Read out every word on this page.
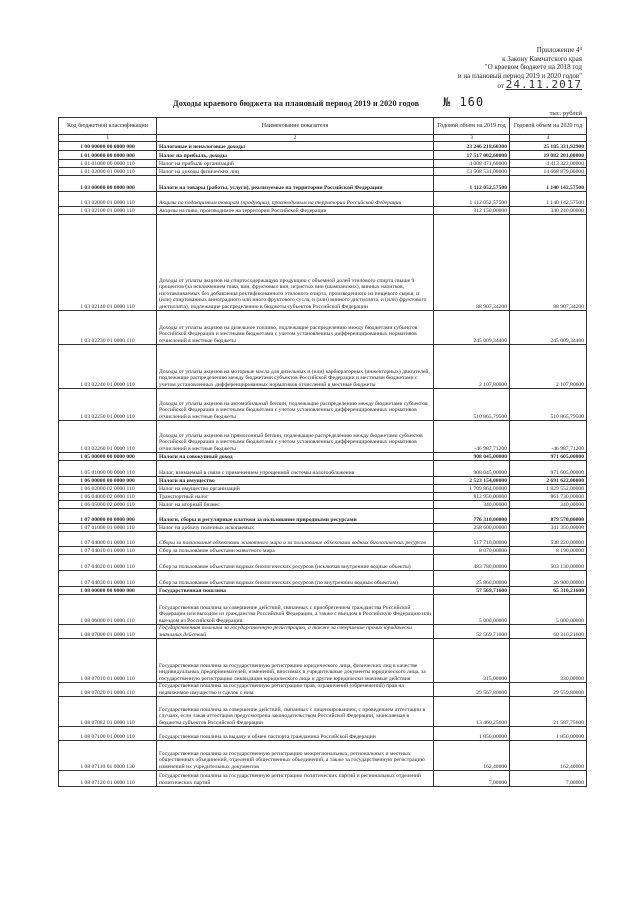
Приложение 4⁴
к Закону Камчатского края
"О краевом бюджете на 2018 год
и на плановый период 2019 и 2020 годов"
от 24.11.2017
Доходы краевого бюджета на плановый период 2019 и 2020 годов № 160
тыс. рублей
Код бюджетной классификации	Наименование показателя	Годовой объем на 2019 год	Годовой объем на 2020 год
1	2	3	4
1 00 00000 00 0000 000	Налоговые и неналоговые доходы	23 246 218,60300	25 185 331,92900
1 01 00000 00 0000 000	Налог на прибыль, доходы	17 517 002,60000	19 082 201,00000
1 01 01000 00 0000 110	Налог на прибыль организаций	4 008 471,60000	4 413 322,00000
1 01 02000 01 0000 110	Налог на доходы физических лиц	13 508 531,00000	14 668 879,00000
1 03 00000 00 0000 000	Налоги на товары (работы, услуги), реализуемые на территории Российской Федерации	1 112 052,57500	1 140 142,57500
1 03 02000 01 0000 110	Акцизы по подакцизным товарам (продукции), производимым на территории Российской Федерации	1 112 052,57500	1 140 142,57500
1 03 02100 01 0000 110	Акцизы на пиво, производимое на территории Российской Федерации	312 150,00000	340 240,00000
1 03 02140 01 0000 110	Доходы от уплаты акцизов на спиртосодержащую продукцию с объемной долей этилового спирта свыше 9 процентов (за исключением пива, вин, фруктовых вин, игристых вин (шампанских), винных напитков, изготавливаемых без добавления ректификованного этилового спирта, произведенного из пищевого сырья, и (или) спиртованных виноградного или иного фруктового сусла, и (или) винного дистиллята, и (или) фруктового дистиллята), подлежащие распределению в бюджеты субъектов Российской Федерации	88 907,34200	88 907,34200
1 03 02230 01 0000 110	Доходы от уплаты акцизов на дизельное топливо, подлежащие распределению между бюджетами субъектов Российской Федерации и местными бюджетами с учетом установленных дифференцированных нормативов отчислений в местные бюджеты	245 009,34400	245 009,34400
1 03 02240 01 0000 110	Доходы от уплаты акцизов на моторные масла для дизельных и (или) карбюраторных (инжекторных) двигателей, подлежащие распределению между бюджетами субъектов Российской Федерации и местными бюджетами с учетом установленных дифференцированных нормативов отчислений в местные бюджеты	2 107,80600	2 107,80600
1 03 02250 01 0000 110	Доходы от уплаты акцизов на автомобильный бензин, подлежащие распределению между бюджетами субъектов Российской Федерации и местными бюджетами с учетом установленных дифференцированных нормативов отчислений в местные бюджеты	510 865,79500	510 865,79500
1 03 02260 01 0000 110	Доходы от уплаты акцизов на прямогонный бензин, подлежащие распределению между бюджетами субъектов Российской Федерации и местными бюджетами с учетом установленных дифференцированных нормативов отчислений в местные бюджеты	-46 987,71200	-46 987,71200
1 05 00000 00 0000 000	Налоги на совокупный доход	908 045,00000	971 605,00000
1 05 01000 00 0000 110	Налог, взимаемый в связи с применением упрощенной системы налогообложения	908 045,00000	971 605,00000
1 06 00000 00 0000 000	Налоги на имущество	2 523 154,00000	2 691 622,00000
1 06 02000 02 0000 110	Налог на имущество организаций	1 709 864,00000	1 829 552,00000
1 06 04000 02 0000 110	Транспортный налог	812 950,00000	861 730,00000
1 06 05000 02 0000 110	Налог на игорный бизнес	340,00000	340,00000
1 07 00000 00 0000 000	Налоги, сборы и регулярные платежи за пользование природными ресурсами	776 310,00000	879 570,00000
1 07 01000 01 0000 110	Налог на добычу полезных ископаемых	258 600,00000	341 350,00000
1 07 04000 01 0000 110	Сборы за пользование объектами животного мира и за пользование объектами водных биологических ресурсов	517 710,00000	538 220,00000
1 07 04010 01 0000 110	Сбор за пользование объектами животного мира	8 070,00000	8 190,00000
1 07 04020 01 0000 110	Сбор за пользование объектами водных биологических ресурсов (исключая внутренние водные объекты)	483 780,00000	503 130,00000
1 07 04030 01 0000 110	Сбор за пользование объектами водных биологических ресурсов (по внутренним водным объектам)	25 860,00000	26 900,00000
1 08 00000 00 0000 000	Государственная пошлина	57 569,71600	65 310,21600
1 08 06000 01 0000 110	Государственная пошлина за совершение действий, связанных с приобретением гражданства Российской Федерации или выходом из гражданства Российской Федерации, а также с въездом в Российскую Федерацию или выездом из Российской Федерации	5 000,00000	5 000,00000
1 08 07000 01 0000 110	Государственная пошлина за государственную регистрацию, а также за совершение прочих юридически значимых действий	52 569,71600	60 310,21600
1 08 07010 01 0000 110	Государственная пошлина за государственную регистрацию юридического лица, физических лиц в качестве индивидуальных предпринимателей, изменений, вносимых в учредительные документы юридического лица, за государственную регистрацию ликвидации юридического лица и другие юридически значимые действия	315,00000	330,00000
1 08 07020 01 0000 110	Государственная пошлина за государственную регистрацию прав, ограничений (обременений) прав на недвижимое имущество и сделок с ним	29 567,80000	29 559,80000
1 08 07082 01 0000 110	Государственная пошлина за совершение действий, связанных с лицензированием, с проведением аттестации в случаях, если такая аттестация предусмотрена законодательством Российской Федерации, зачисляемая в бюджеты субъектов Российской Федерации	13 460,25600	21 587,75600
1 08 07100 01 0000 110	Государственная пошлина за выдачу и обмен паспорта гражданина Российской Федерации	1 850,00000	1 850,00000
1 08 07110 01 0000 130	Государственная пошлина за государственную регистрацию межрегиональных, региональных и местных общественных объединений, отделений общественных объединений, а также за государственную регистрацию изменений их учредительных документов	162,40000	162,40000
1 08 07120 01 0000 110	Государственная пошлина за государственную регистрацию политических партий и региональных отделений политических партий	7,00000	7,00000
